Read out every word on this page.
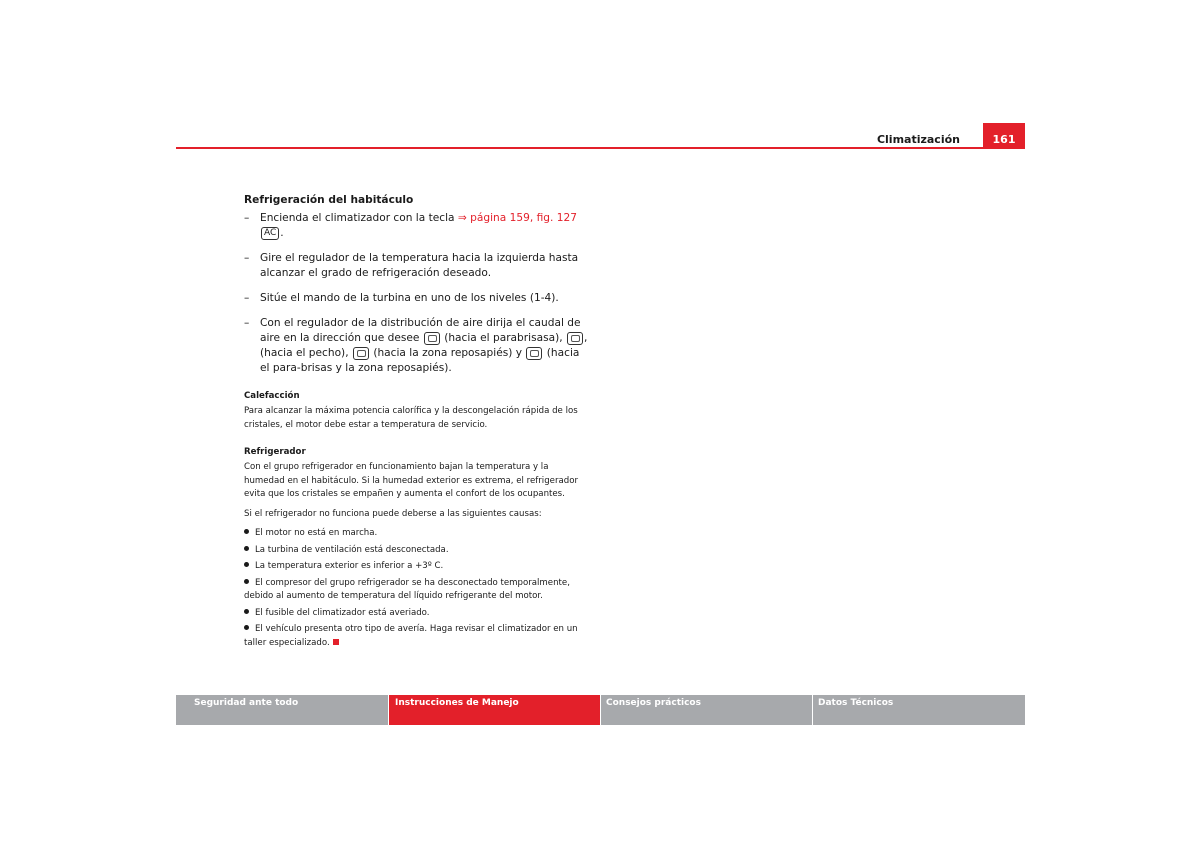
Climatización	161
Refrigeración del habitáculo
– Encienda el climatizador con la tecla ⇒ página 159, fig. 127
AC .
– Gire el regulador de la temperatura hacia la izquierda hasta alcanzar el grado de refrigeración deseado.
– Sitúe el mando de la turbina en uno de los niveles (1-4).
– Con el regulador de la distribución de aire dirija el caudal de aire en la dirección que desee (hacia el parabrisasa), , (hacia el pecho), (hacia la zona reposapiés) y (hacia el para-brisas y la zona reposapiés).
Calefacción
Para alcanzar la máxima potencia calorífica y la descongelación rápida de los cristales, el motor debe estar a temperatura de servicio.
Refrigerador
Con el grupo refrigerador en funcionamiento bajan la temperatura y la humedad en el habitáculo. Si la humedad exterior es extrema, el refrigerador evita que los cristales se empañen y aumenta el confort de los ocupantes.
Si el refrigerador no funciona puede deberse a las siguientes causas:
El motor no está en marcha.
La turbina de ventilación está desconectada.
La temperatura exterior es inferior a +3º C.
El compresor del grupo refrigerador se ha desconectado temporalmente, debido al aumento de temperatura del líquido refrigerante del motor.
El fusible del climatizador está averiado.
El vehículo presenta otro tipo de avería. Haga revisar el climatizador en un taller especializado.
Seguridad ante todo	Instrucciones de Manejo	Consejos prácticos	Datos Técnicos
